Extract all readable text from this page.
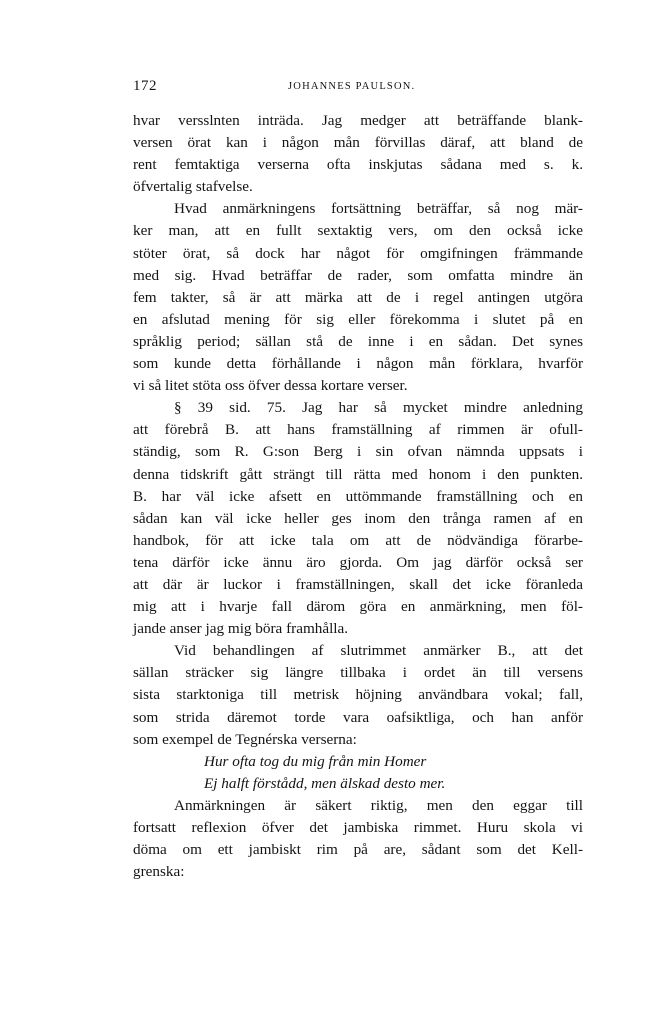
172	JOHANNES PAULSON.
hvar versslnten inträda. Jag medger att beträffande blank-
versen örat kan i någon mån förvillas däraf, att bland de
rent femtaktiga verserna ofta inskjutas sådana med s. k.
öfvertalig stafvelse.
Hvad anmärkningens fortsättning beträffar, så nog mär-
ker man, att en fullt sextaktig vers, om den också icke
stöter örat, så dock har något för omgifningen främmande
med sig. Hvad beträffar de rader, som omfatta mindre än
fem takter, så är att märka att de i regel antingen utgöra
en afslutad mening för sig eller förekomma i slutet på en
språklig period; sällan stå de inne i en sådan. Det synes
som kunde detta förhållande i någon mån förklara, hvarför
vi så litet stöta oss öfver dessa kortare verser.
§ 39 sid. 75. Jag har så mycket mindre anledning
att förebrå B. att hans framställning af rimmen är ofull-
ständig, som R. G:son Berg i sin ofvan nämnda uppsats i
denna tidskrift gått strängt till rätta med honom i den punkten.
B. har väl icke afsett en uttömmande framställning och en
sådan kan väl icke heller ges inom den trånga ramen af en
handbok, för att icke tala om att de nödvändiga förarbe-
tena därför icke ännu äro gjorda. Om jag därför också ser
att där är luckor i framställningen, skall det icke föranleda
mig att i hvarje fall därom göra en anmärkning, men föl-
jande anser jag mig böra framhålla.
Vid behandlingen af slutrimmet anmärker B., att det
sällan sträcker sig längre tillbaka i ordet än till versens
sista starktoniga till metrisk höjning användbara vokal; fall,
som strida däremot torde vara oafsiktliga, och han anför
som exempel de Tegnérska verserna:
Hur ofta tog du mig från min Homer
Ej halft förstådd, men älskad desto mer.
Anmärkningen är säkert riktig, men den eggar till
fortsatt reflexion öfver det jambiska rimmet. Huru skola vi
döma om ett jambiskt rim på are, sådant som det Kell-
grenska:
